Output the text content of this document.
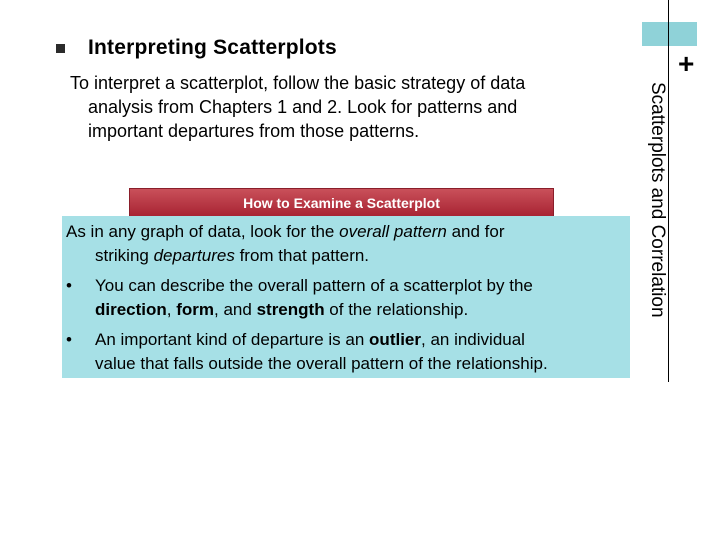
Interpreting Scatterplots
+
Scatterplots and Correlation
To interpret a scatterplot, follow the basic strategy of data
analysis from Chapters 1 and 2. Look for patterns and
important departures from those patterns.
How to Examine a Scatterplot
As in any graph of data, look for the overall pattern and for
striking departures from that pattern.
• You can describe the overall pattern of a scatterplot by the
direction, form, and strength of the relationship.
• An important kind of departure is an outlier, an individual
value that falls outside the overall pattern of the relationship.
